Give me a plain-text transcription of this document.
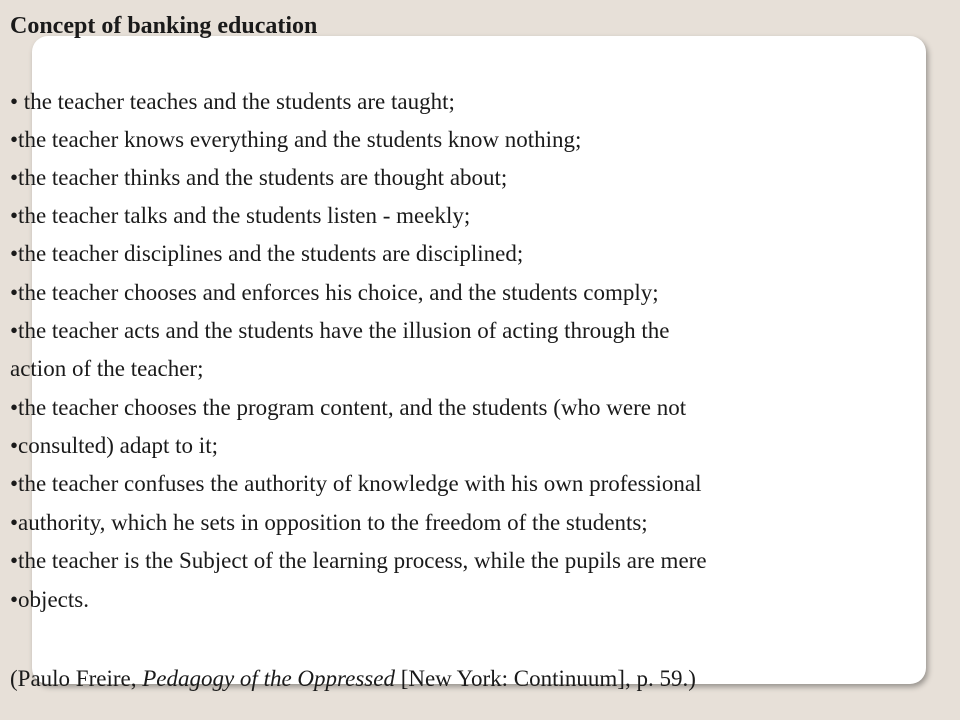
Concept of banking education
• the teacher teaches and the students are taught;
•the teacher knows everything and the students know nothing;
•the teacher thinks and the students are thought about;
•the teacher talks and the students listen - meekly;
•the teacher disciplines and the students are disciplined;
•the teacher chooses and enforces his choice, and the students comply;
•the teacher acts and the students have the illusion of acting through the
action of the teacher;
•the teacher chooses the program content, and the students (who were not
•consulted) adapt to it;
•the teacher confuses the authority of knowledge with his own professional
•authority, which he sets in opposition to the freedom of the students;
•the teacher is the Subject of the learning process, while the pupils are mere
•objects.
(Paulo Freire, Pedagogy of the Oppressed [New York: Continuum], p. 59.)
